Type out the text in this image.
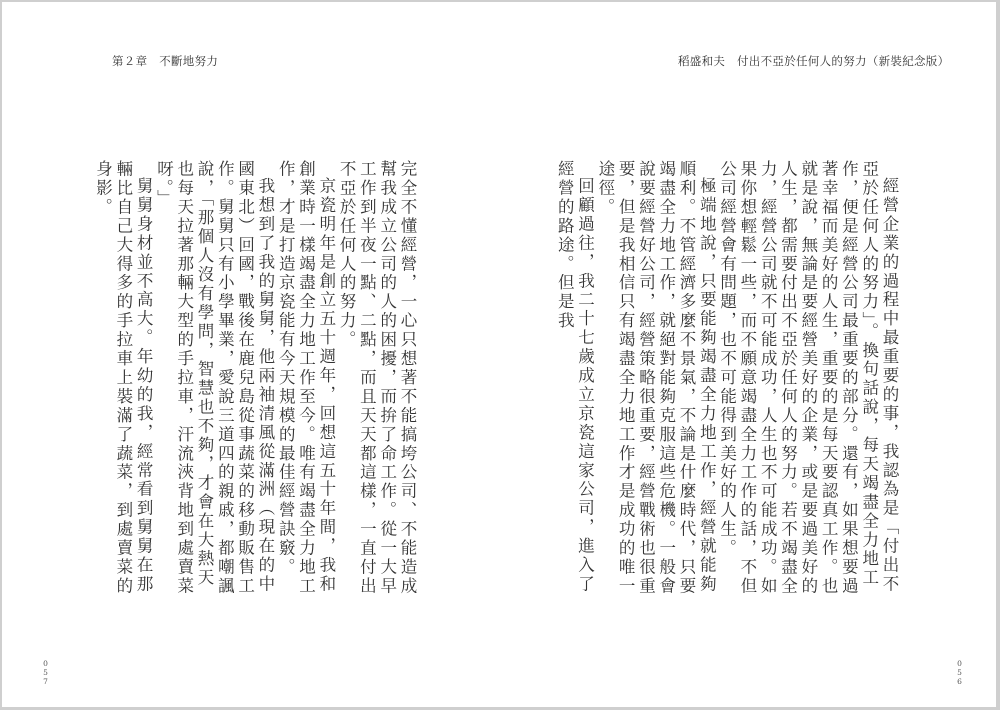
第２章　不斷地努力
完全不懂經營，一心只想著不能搞垮公司、不能造成幫我成立公司的人的困擾，而拚了命工作。從一大早工作到半夜一點、二點，而且天天都這樣，一直付出不亞於任何人的努力。
京瓷明年是創立五十週年，回想這五十年間，我和創業時一樣竭盡全力地工作至今。唯有竭盡全力地工作，才是打造京瓷能有今天規模的最佳經營訣竅。
我想到了我的舅舅，他兩袖清風從滿洲（現在的中國東北）回國，戰後在鹿兒島從事蔬菜的移動販售工作。舅舅只有小學畢業，愛說三道四的親戚，都嘲諷說，「那個人沒有學問，智慧也不夠，才會在大熱天也每天拉著那輛大型的手拉車，汗流浹背地到處賣菜呀。」
舅舅身材並不高大。年幼的我，經常看到舅舅在那輛比自己大得多的手拉車上裝滿了蔬菜，到處賣菜的身影。
057
稻盛和夫　付出不亞於任何人的努力（新裝紀念版）
經營企業的過程中最重要的事，我認為是「付出不亞於任何人的努力」。換句話說，每天竭盡全力地工作，便是經營公司最重要的部分。還有，如果想要過著幸福而美好的人生，重要的是每天要認真工作。也就是說，無論是要經營美好的企業，或是要過美好的人生，都需要付出不亞於任何人的努力。若不竭盡全力，經營公司就不可能成功，人生也不可能成功。如果你想輕鬆一些，而不願意竭盡全力工作的話，不但公司經營會有問題，也不可能得到美好的人生。
極端地說，只要能夠竭盡全力地工作，經營就能夠順利。不管經濟多麼不景氣，不論是什麼時代，只要竭盡全力地工作，就絕對能夠克服這些危機。一般會說要經營好公司，經營策略很重要，經營戰術也很重要，但是我相信只有竭盡全力地工作才是成功的唯一途徑。
回顧過往，我二十七歲成立京瓷這家公司，進入了經營的路途。但是我
056
